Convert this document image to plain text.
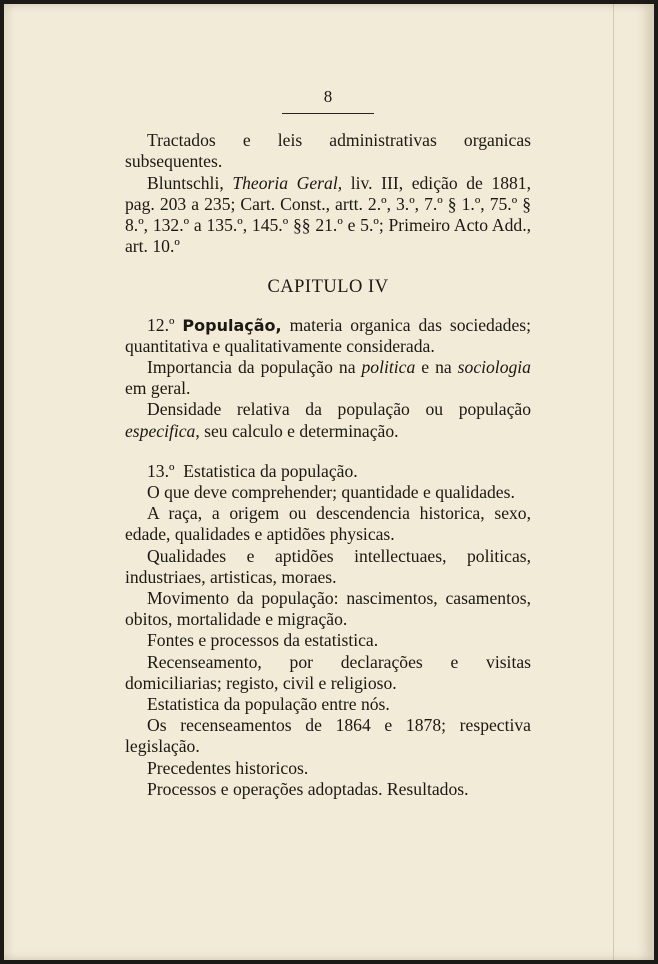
8

Tractados e leis administrativas organicas subsequentes.

Bluntschli, Theoria Geral, liv. III, edição de 1881, pag. 203 a 235; Cart. Const., artt. 2.º, 3.º, 7.º § 1.º, 75.º § 8.º, 132.º a 135.º, 145.º §§ 21.º e 5.º; Primeiro Acto Add., art. 10.º

CAPITULO IV

12.º População, materia organica das sociedades; quantitativa e qualitativamente considerada.

Importancia da população na politica e na sociologia em geral.

Densidade relativa da população ou população especifica, seu calculo e determinação.

13.º  Estatistica da população.

O que deve comprehender; quantidade e qualidades.

A raça, a origem ou descendencia historica, sexo, edade, qualidades e aptidões physicas.

Qualidades e aptidões intellectuaes, politicas, industriaes, artisticas, moraes.

Movimento da população: nascimentos, casamentos, obitos, mortalidade e migração.

Fontes e processos da estatistica.

Recenseamento, por declarações e visitas domiciliarias; registo, civil e religioso.

Estatistica da população entre nós.

Os recenseamentos de 1864 e 1878; respectiva legislação.

Precedentes historicos.

Processos e operações adoptadas. Resultados.
